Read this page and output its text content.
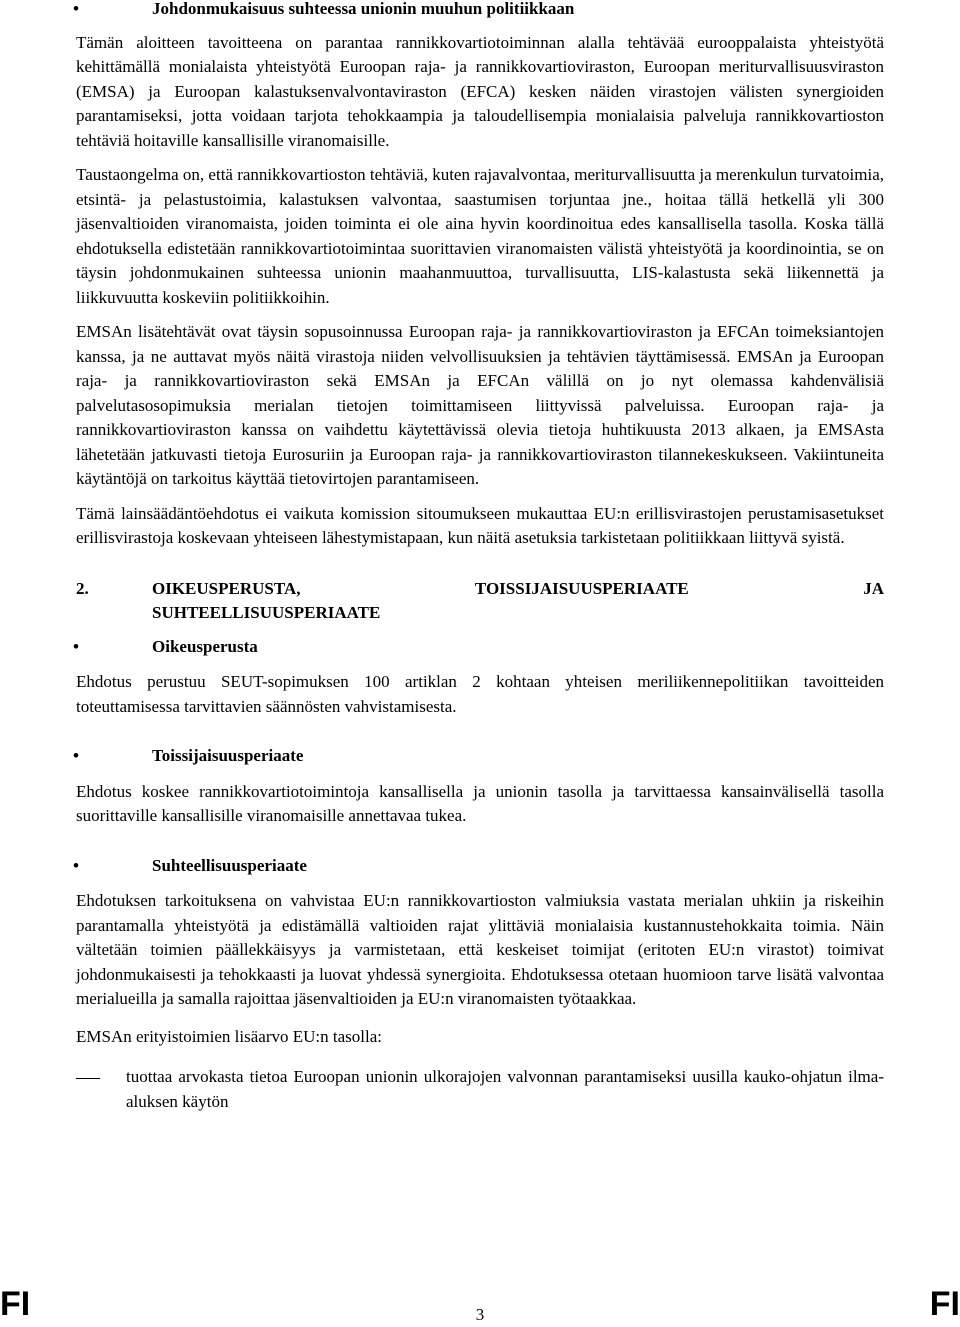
•	Johdonmukaisuus suhteessa unionin muuhun politiikkaan

Tämän aloitteen tavoitteena on parantaa rannikkovartiotoiminnan alalla tehtävää eurooppalaista yhteistyötä kehittämällä monialaista yhteistyötä Euroopan raja- ja rannikkovartioviraston, Euroopan meriturvallisuusviraston (EMSA) ja Euroopan kalastuksenvalvontaviraston (EFCA) kesken näiden virastojen välisten synergioiden parantamiseksi, jotta voidaan tarjota tehokkaampia ja taloudellisempia monialaisia palveluja rannikkovartioston tehtäviä hoitaville kansallisille viranomaisille.

Taustaongelma on, että rannikkovartioston tehtäviä, kuten rajavalvontaa, meriturvallisuutta ja merenkulun turvatoimia, etsintä- ja pelastustoimia, kalastuksen valvontaa, saastumisen torjuntaa jne., hoitaa tällä hetkellä yli 300 jäsenvaltioiden viranomaista, joiden toiminta ei ole aina hyvin koordinoitua edes kansallisella tasolla. Koska tällä ehdotuksella edistetään rannikkovartiotoimintaa suorittavien viranomaisten välistä yhteistyötä ja koordinointia, se on täysin johdonmukainen suhteessa unionin maahanmuuttoa, turvallisuutta, LIS-kalastusta sekä liikennettä ja liikkuvuutta koskeviin politiikkoihin.

EMSAn lisätehtävät ovat täysin sopusoinnussa Euroopan raja- ja rannikkovartioviraston ja EFCAn toimeksiantojen kanssa, ja ne auttavat myös näitä virastoja niiden velvollisuuksien ja tehtävien täyttämisessä. EMSAn ja Euroopan raja- ja rannikkovartioviraston sekä EMSAn ja EFCAn välillä on jo nyt olemassa kahdenvälisiä palvelutasosopimuksia merialan tietojen toimittamiseen liittyvissä palveluissa. Euroopan raja- ja rannikkovartioviraston kanssa on vaihdettu käytettävissä olevia tietoja huhtikuusta 2013 alkaen, ja EMSAsta lähetetään jatkuvasti tietoja Eurosuriin ja Euroopan raja- ja rannikkovartioviraston tilannekeskukseen. Vakiintuneita käytäntöjä on tarkoitus käyttää tietovirtojen parantamiseen.

Tämä lainsäädäntöehdotus ei vaikuta komission sitoumukseen mukauttaa EU:n erillisvirastojen perustamisasetukset erillisvirastoja koskevaan yhteiseen lähestymistapaan, kun näitä asetuksia tarkistetaan politiikkaan liittyvä syistä.

2.	OIKEUSPERUSTA,	TOISSIJAISUUSPERIAATE	JA
SUHTEELLISUUSPERIAATE
•	Oikeusperusta

Ehdotus perustuu SEUT-sopimuksen 100 artiklan 2 kohtaan yhteisen meriliikennepolitiikan tavoitteiden toteuttamisessa tarvittavien säännösten vahvistamisesta.

•	Toissijaisuusperiaate

Ehdotus koskee rannikkovartiotoimintoja kansallisella ja unionin tasolla ja tarvittaessa kansainvälisellä tasolla suorittaville kansallisille viranomaisille annettavaa tukea.

•	Suhteellisuusperiaate

Ehdotuksen tarkoituksena on vahvistaa EU:n rannikkovartioston valmiuksia vastata merialan uhkiin ja riskeihin parantamalla yhteistyötä ja edistämällä valtioiden rajat ylittäviä monialaisia kustannustehokkaita toimia. Näin vältetään toimien päällekkäisyys ja varmistetaan, että keskeiset toimijat (eritoten EU:n virastot) toimivat johdonmukaisesti ja tehokkaasti ja luovat yhdessä synergioita. Ehdotuksessa otetaan huomioon tarve lisätä valvontaa merialueilla ja samalla rajoittaa jäsenvaltioiden ja EU:n viranomaisten työtaakkaa.

EMSAn erityistoimien lisäarvo EU:n tasolla:

tuottaa arvokasta tietoa Euroopan unionin ulkorajojen valvonnan parantamiseksi uusilla kauko-ohjatun ilma-aluksen käytön
FI	3	FI
